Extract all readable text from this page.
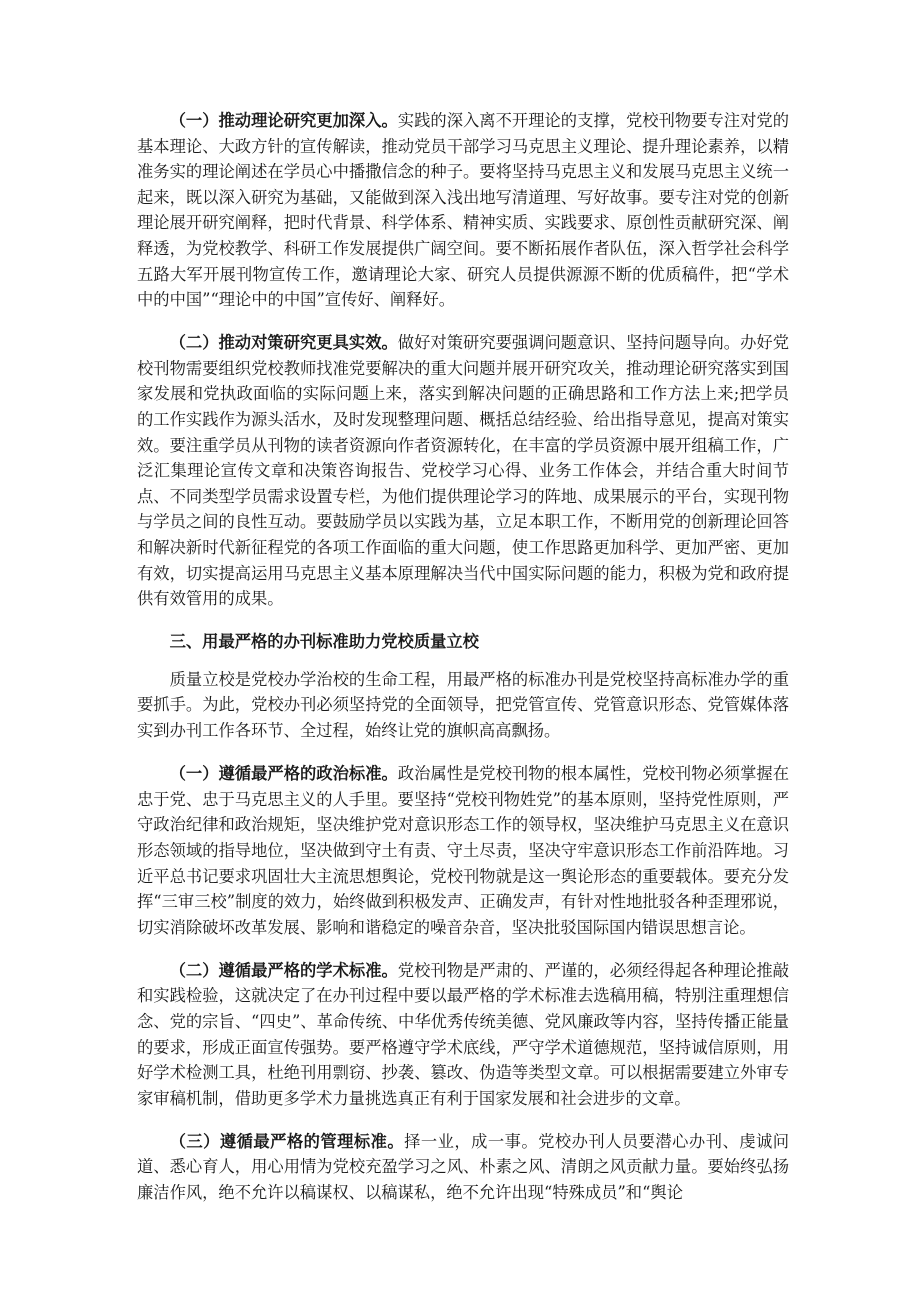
（一）推动理论研究更加深入。实践的深入离不开理论的支撑，党校刊物要专注对党的基本理论、大政方针的宣传解读，推动党员干部学习马克思主义理论、提升理论素养，以精准务实的理论阐述在学员心中播撒信念的种子。要将坚持马克思主义和发展马克思主义统一起来，既以深入研究为基础，又能做到深入浅出地写清道理、写好故事。要专注对党的创新理论展开研究阐释，把时代背景、科学体系、精神实质、实践要求、原创性贡献研究深、阐释透，为党校教学、科研工作发展提供广阔空间。要不断拓展作者队伍，深入哲学社会科学五路大军开展刊物宣传工作，邀请理论大家、研究人员提供源源不断的优质稿件，把“学术中的中国”“理论中的中国”宣传好、阐释好。

（二）推动对策研究更具实效。做好对策研究要强调问题意识、坚持问题导向。办好党校刊物需要组织党校教师找准党要解决的重大问题并展开研究攻关，推动理论研究落实到国家发展和党执政面临的实际问题上来，落实到解决问题的正确思路和工作方法上来;把学员的工作实践作为源头活水，及时发现整理问题、概括总结经验、给出指导意见，提高对策实效。要注重学员从刊物的读者资源向作者资源转化，在丰富的学员资源中展开组稿工作，广泛汇集理论宣传文章和决策咨询报告、党校学习心得、业务工作体会，并结合重大时间节点、不同类型学员需求设置专栏，为他们提供理论学习的阵地、成果展示的平台，实现刊物与学员之间的良性互动。要鼓励学员以实践为基，立足本职工作，不断用党的创新理论回答和解决新时代新征程党的各项工作面临的重大问题，使工作思路更加科学、更加严密、更加有效，切实提高运用马克思主义基本原理解决当代中国实际问题的能力，积极为党和政府提供有效管用的成果。

三、用最严格的办刊标准助力党校质量立校

质量立校是党校办学治校的生命工程，用最严格的标准办刊是党校坚持高标准办学的重要抓手。为此，党校办刊必须坚持党的全面领导，把党管宣传、党管意识形态、党管媒体落实到办刊工作各环节、全过程，始终让党的旗帜高高飘扬。

（一）遵循最严格的政治标准。政治属性是党校刊物的根本属性，党校刊物必须掌握在忠于党、忠于马克思主义的人手里。要坚持“党校刊物姓党”的基本原则，坚持党性原则，严守政治纪律和政治规矩，坚决维护党对意识形态工作的领导权，坚决维护马克思主义在意识形态领域的指导地位，坚决做到守土有责、守土尽责，坚决守牢意识形态工作前沿阵地。习近平总书记要求巩固壮大主流思想舆论，党校刊物就是这一舆论形态的重要载体。要充分发挥“三审三校”制度的效力，始终做到积极发声、正确发声，有针对性地批驳各种歪理邪说，切实消除破坏改革发展、影响和谐稳定的噪音杂音，坚决批驳国际国内错误思想言论。

（二）遵循最严格的学术标准。党校刊物是严肃的、严谨的，必须经得起各种理论推敲和实践检验，这就决定了在办刊过程中要以最严格的学术标准去选稿用稿，特别注重理想信念、党的宗旨、“四史”、革命传统、中华优秀传统美德、党风廉政等内容，坚持传播正能量的要求，形成正面宣传强势。要严格遵守学术底线，严守学术道德规范，坚持诚信原则，用好学术检测工具，杜绝刊用剽窃、抄袭、篡改、伪造等类型文章。可以根据需要建立外审专家审稿机制，借助更多学术力量挑选真正有利于国家发展和社会进步的文章。

（三）遵循最严格的管理标准。择一业，成一事。党校办刊人员要潜心办刊、虔诚问道、悉心育人，用心用情为党校充盈学习之风、朴素之风、清朗之风贡献力量。要始终弘扬廉洁作风，绝不允许以稿谋权、以稿谋私，绝不允许出现“特殊成员”和“舆论
